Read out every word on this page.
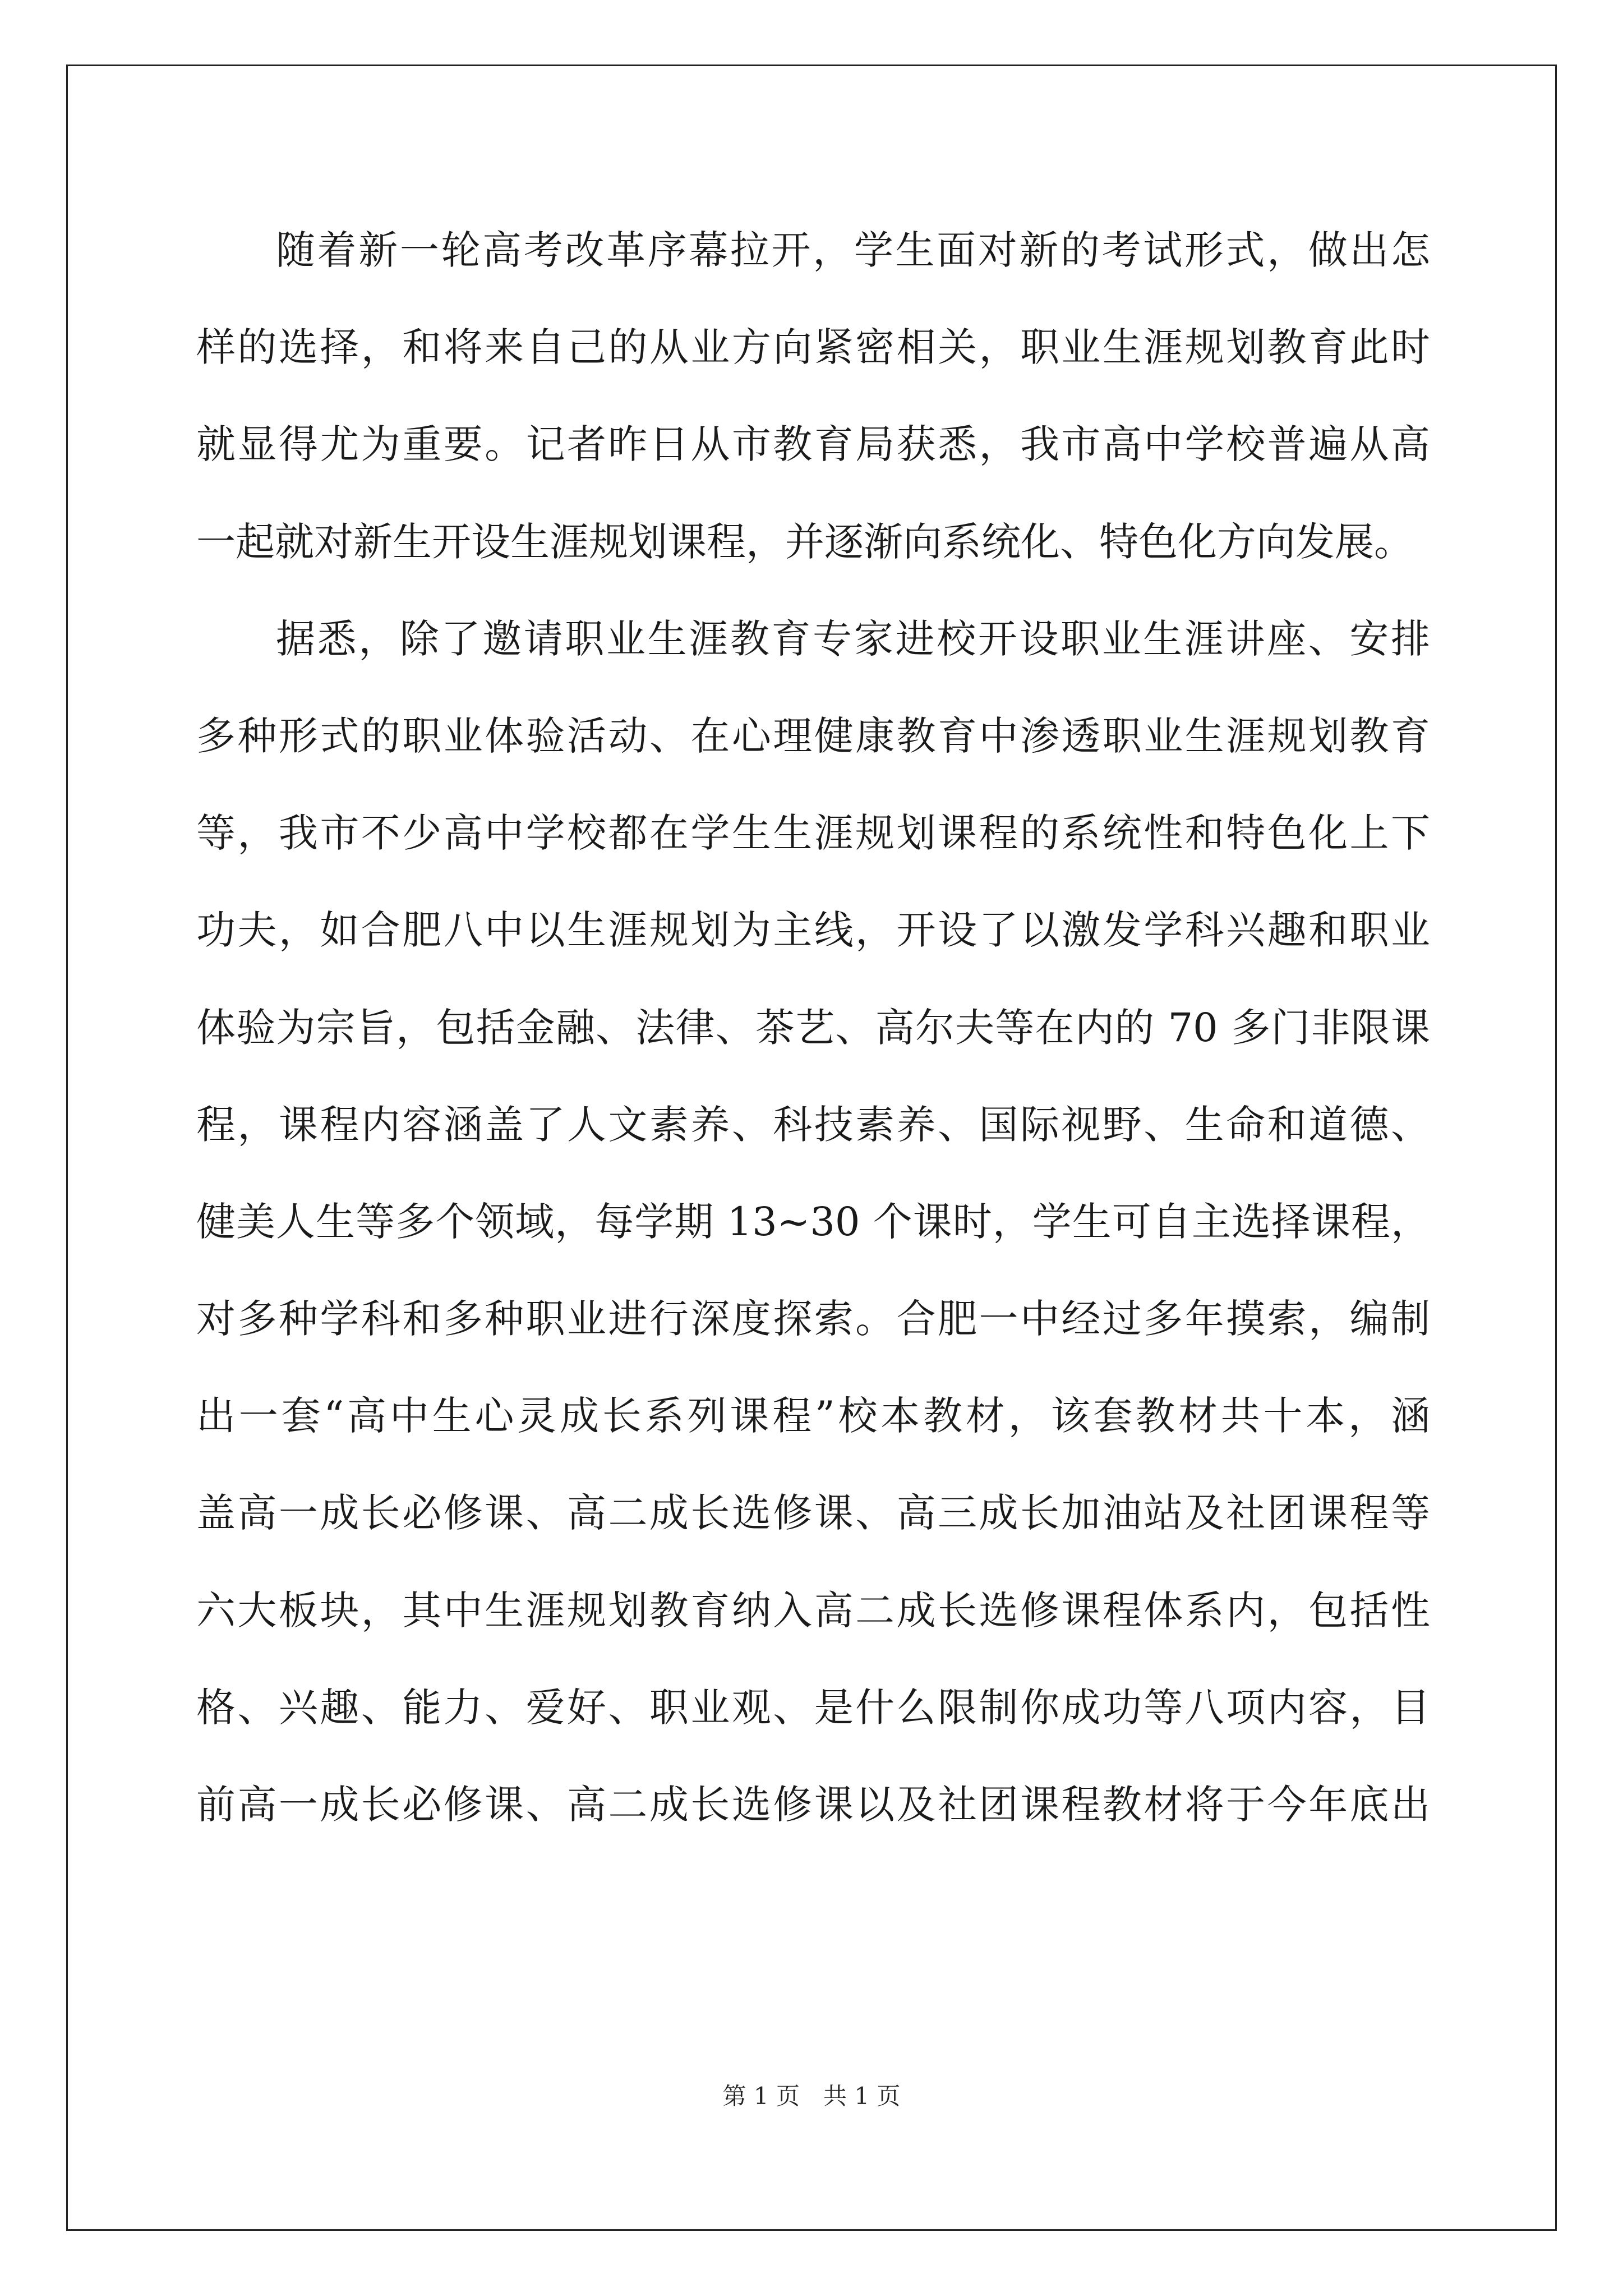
随着新一轮高考改革序幕拉开，学生面对新的考试形式，做出怎
样的选择，和将来自己的从业方向紧密相关，职业生涯规划教育此时
就显得尤为重要。记者昨日从市教育局获悉，我市高中学校普遍从高
一起就对新生开设生涯规划课程，并逐渐向系统化、特色化方向发展。
据悉，除了邀请职业生涯教育专家进校开设职业生涯讲座、安排
多种形式的职业体验活动、在心理健康教育中渗透职业生涯规划教育
等，我市不少高中学校都在学生生涯规划课程的系统性和特色化上下
功夫，如合肥八中以生涯规划为主线，开设了以激发学科兴趣和职业
体验为宗旨，包括金融、法律、茶艺、高尔夫等在内的 70 多门非限课
程，课程内容涵盖了人文素养、科技素养、国际视野、生命和道德、
健美人生等多个领域，每学期 13~30 个课时，学生可自主选择课程，
对多种学科和多种职业进行深度探索。合肥一中经过多年摸索，编制
出一套“高中生心灵成长系列课程”校本教材，该套教材共十本，涵
盖高一成长必修课、高二成长选修课、高三成长加油站及社团课程等
六大板块，其中生涯规划教育纳入高二成长选修课程体系内，包括性
格、兴趣、能力、爱好、职业观、是什么限制你成功等八项内容，目
前高一成长必修课、高二成长选修课以及社团课程教材将于今年底出
第 1 页　共 1 页
